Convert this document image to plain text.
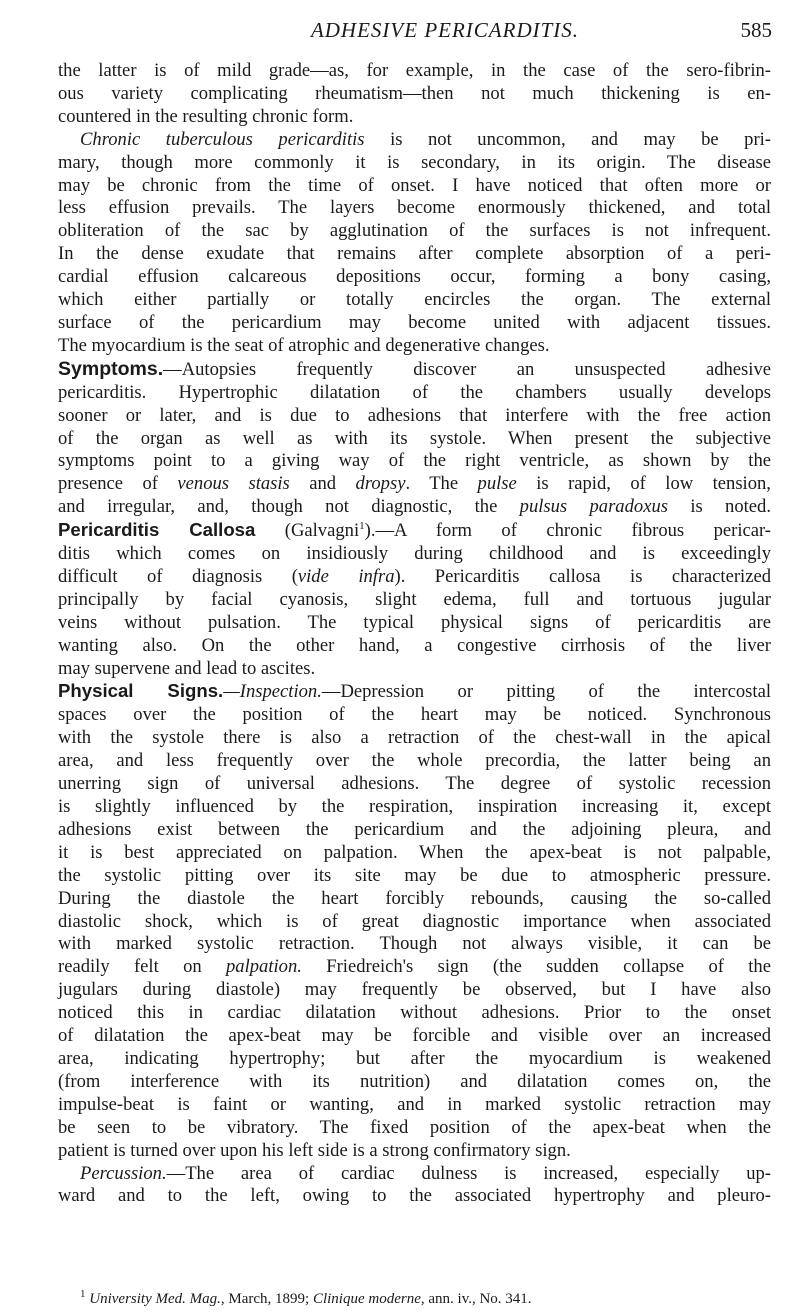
ADHESIVE PERICARDITIS.	585
the latter is of mild grade—as, for example, in the case of the sero-fibrin-
ous variety complicating rheumatism—then not much thickening is en-
countered in the resulting chronic form.
Chronic tuberculous pericarditis is not uncommon, and may be pri-
mary, though more commonly it is secondary, in its origin. The disease
may be chronic from the time of onset. I have noticed that often more or
less effusion prevails. The layers become enormously thickened, and total
obliteration of the sac by agglutination of the surfaces is not infrequent.
In the dense exudate that remains after complete absorption of a peri-
cardial effusion calcareous depositions occur, forming a bony casing,
which either partially or totally encircles the organ. The external
surface of the pericardium may become united with adjacent tissues.
The myocardium is the seat of atrophic and degenerative changes.
Symptoms.—Autopsies frequently discover an unsuspected adhesive
pericarditis. Hypertrophic dilatation of the chambers usually develops
sooner or later, and is due to adhesions that interfere with the free action
of the organ as well as with its systole. When present the subjective
symptoms point to a giving way of the right ventricle, as shown by the
presence of venous stasis and dropsy. The pulse is rapid, of low tension,
and irregular, and, though not diagnostic, the pulsus paradoxus is noted.
Pericarditis Callosa (Galvagni$^1$).—A form of chronic fibrous pericar-
ditis which comes on insidiously during childhood and is exceedingly
difficult of diagnosis (vide infra). Pericarditis callosa is characterized
principally by facial cyanosis, slight edema, full and tortuous jugular
veins without pulsation. The typical physical signs of pericarditis are
wanting also. On the other hand, a congestive cirrhosis of the liver
may supervene and lead to ascites.
Physical Signs.—Inspection.—Depression or pitting of the intercostal
spaces over the position of the heart may be noticed. Synchronous
with the systole there is also a retraction of the chest-wall in the apical
area, and less frequently over the whole precordia, the latter being an
unerring sign of universal adhesions. The degree of systolic recession
is slightly influenced by the respiration, inspiration increasing it, except
adhesions exist between the pericardium and the adjoining pleura, and
it is best appreciated on palpation. When the apex-beat is not palpable,
the systolic pitting over its site may be due to atmospheric pressure.
During the diastole the heart forcibly rebounds, causing the so-called
diastolic shock, which is of great diagnostic importance when associated
with marked systolic retraction. Though not always visible, it can be
readily felt on palpation. Friedreich's sign (the sudden collapse of the
jugulars during diastole) may frequently be observed, but I have also
noticed this in cardiac dilatation without adhesions. Prior to the onset
of dilatation the apex-beat may be forcible and visible over an increased
area, indicating hypertrophy; but after the myocardium is weakened
(from interference with its nutrition) and dilatation comes on, the
impulse-beat is faint or wanting, and in marked systolic retraction may
be seen to be vibratory. The fixed position of the apex-beat when the
patient is turned over upon his left side is a strong confirmatory sign.
Percussion.—The area of cardiac dulness is increased, especially up-
ward and to the left, owing to the associated hypertrophy and pleuro-
$^1$ University Med. Mag., March, 1899; Clinique moderne, ann. iv., No. 341.
